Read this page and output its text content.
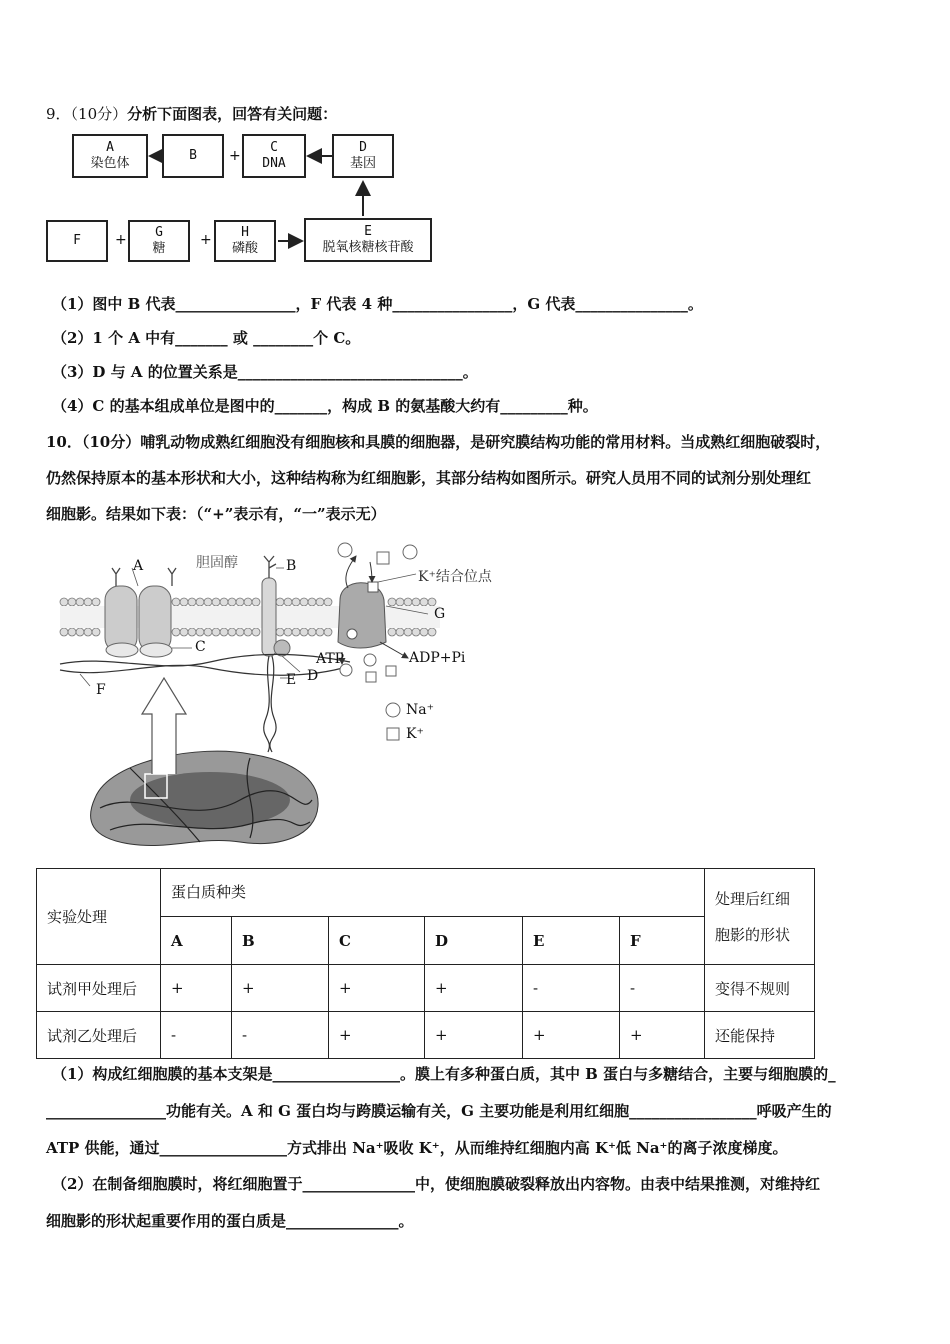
9．（10分）分析下面图表，回答有关问题：
A
染色体
B +
C
DNA
D
基因
F + G
糖
+ H
磷酸
E
脱氧核糖核苷酸
（1）图中 B 代表________________，F 代表 4 种________________，G 代表_______________。
（2）1 个 A 中有_______ 或 ________个 C。
（3）D 与 A 的位置关系是______________________________。
（4）C 的基本组成单位是图中的_______，构成 B 的氨基酸大约有_________种。
10．（10分）哺乳动物成熟红细胞没有细胞核和具膜的细胞器，是研究膜结构功能的常用材料。当成熟红细胞破裂时，
仍然保持原本的基本形状和大小，这种结构称为红细胞影，其部分结构如图所示。研究人员用不同的试剂分别处理红
细胞影。结果如下表：（“+”表示有，“一”表示无）
A	胆固醇	B
K⁺结合位点
G
C
ATP	ADP+Pi
D
E
F
Na⁺
K⁺
实验处理	蛋白质种类						处理后红细
胞影的形状

	A	B	C	D	E	F	
试剂甲处理后	+	+	+	+	-	-	变得不规则
试剂乙处理后	-	-	+	+	+	+	还能保持
（1）构成红细胞膜的基本支架是_________________。膜上有多种蛋白质，其中 B 蛋白与多糖结合，主要与细胞膜的_
________________功能有关。A 和 G 蛋白均与跨膜运输有关，G 主要功能是利用红细胞_________________呼吸产生的
ATP 供能，通过_________________方式排出 Na⁺吸收 K⁺，从而维持红细胞内高 K⁺低 Na⁺的离子浓度梯度。
（2）在制备细胞膜时，将红细胞置于_______________中，使细胞膜破裂释放出内容物。由表中结果推测，对维持红
细胞影的形状起重要作用的蛋白质是_______________。
